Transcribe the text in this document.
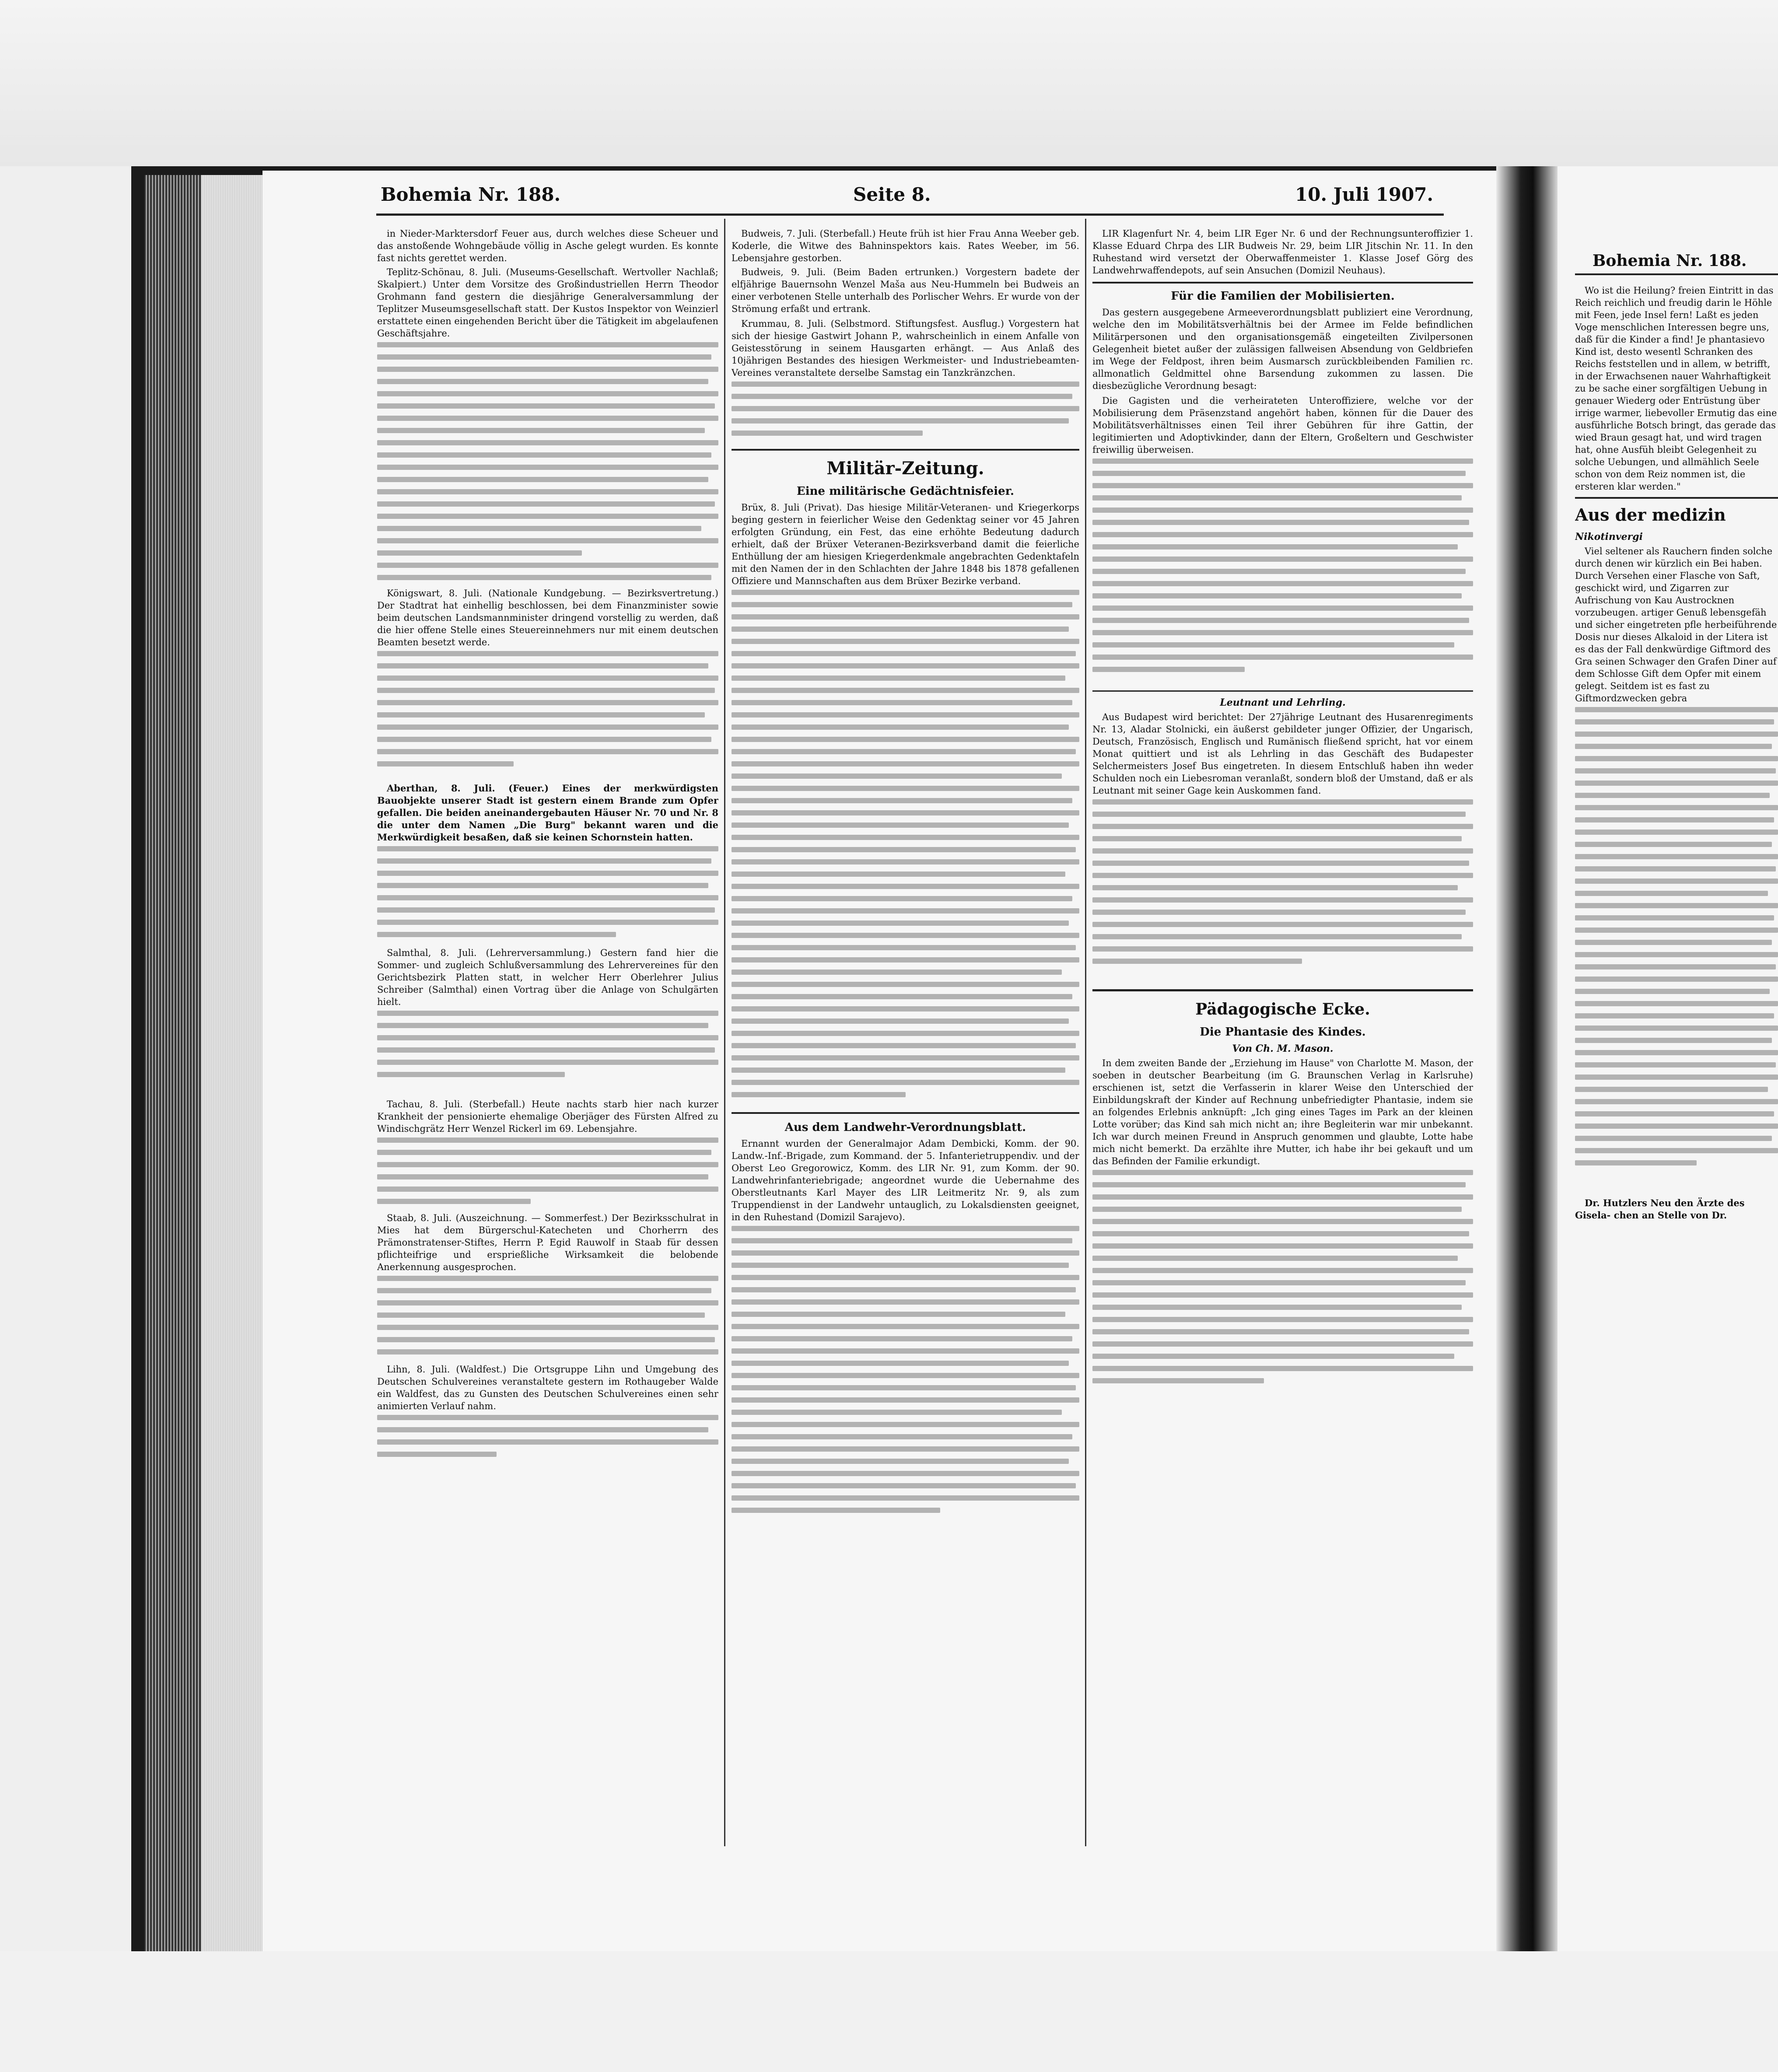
Bohemia Nr. 188.	Seite 8.	10. Juli 1907.

in Nieder-Marktersdorf Feuer aus, durch welches diese Scheuer und das anstoßende Wohngebäude völlig in Asche gelegt wurden. Es konnte fast nichts gerettet werden.

Teplitz-Schönau, 8. Juli. (Museums-Gesellschaft. Wertvoller Nachlaß; Skalpiert.) Unter dem Vorsitze des Großindustriellen Herrn Theodor Grohmann fand gestern die diesjährige Generalversammlung der Teplitzer Museumsgesellschaft statt. Der Kustos Inspektor von Weinzierl erstattete einen eingehenden Bericht über die Tätigkeit im abgelaufenen Geschäftsjahre.

Königswart, 8. Juli. (Nationale Kundgebung. — Bezirksvertretung.) Der Stadtrat hat einhellig beschlossen, bei dem Finanzminister sowie beim deutschen Landsmannminister dringend vorstellig zu werden, daß die hier offene Stelle eines Steuereinnehmers nur mit einem deutschen Beamten besetzt werde.

Aberthan, 8. Juli. (Feuer.) Eines der merkwürdigsten Bauobjekte unserer Stadt ist gestern einem Brande zum Opfer gefallen. Die beiden aneinandergebauten Häuser Nr. 70 und Nr. 8 die unter dem Namen „Die Burg" bekannt waren und die Merkwürdigkeit besaßen, daß sie keinen Schornstein hatten.

Salmthal, 8. Juli. (Lehrerversammlung.) Gestern fand hier die Sommer- und zugleich Schlußversammlung des Lehrervereines für den Gerichtsbezirk Platten statt, in welcher Herr Oberlehrer Julius Schreiber (Salmthal) einen Vortrag über die Anlage von Schulgärten hielt.

Tachau, 8. Juli. (Sterbefall.) Heute nachts starb hier nach kurzer Krankheit der pensionierte ehemalige Oberjäger des Fürsten Alfred zu Windischgrätz Herr Wenzel Rickerl im 69. Lebensjahre.

Staab, 8. Juli. (Auszeichnung. — Sommerfest.) Der Bezirksschulrat in Mies hat dem Bürgerschul-Katecheten und Chorherrn des Prämonstratenser-Stiftes, Herrn P. Egid Rauwolf in Staab für dessen pflichteifrige und ersprießliche Wirksamkeit die belobende Anerkennung ausgesprochen.

Lihn, 8. Juli. (Waldfest.) Die Ortsgruppe Lihn und Umgebung des Deutschen Schulvereines veranstaltete gestern im Rothaugeber Walde ein Waldfest, das zu Gunsten des Deutschen Schulvereines einen sehr animierten Verlauf nahm.

Budweis, 7. Juli. (Sterbefall.) Heute früh ist hier Frau Anna Weeber geb. Koderle, die Witwe des Bahninspektors kais. Rates Weeber, im 56. Lebensjahre gestorben.

Budweis, 9. Juli. (Beim Baden ertrunken.) Vorgestern badete der elfjährige Bauernsohn Wenzel Maša aus Neu-Hummeln bei Budweis an einer verbotenen Stelle unterhalb des Porlischer Wehrs. Er wurde von der Strömung erfaßt und ertrank.

Krummau, 8. Juli. (Selbstmord. Stiftungsfest. Ausflug.) Vorgestern hat sich der hiesige Gastwirt Johann P., wahrscheinlich in einem Anfalle von Geistesstörung in seinem Hausgarten erhängt. — Aus Anlaß des 10jährigen Bestandes des hiesigen Werkmeister- und Industriebeamten-Vereines veranstaltete derselbe Samstag ein Tanzkränzchen.

Militär-Zeitung.
Eine militärische Gedächtnisfeier.

Brüx, 8. Juli (Privat). Das hiesige Militär-Veteranen- und Kriegerkorps beging gestern in feierlicher Weise den Gedenktag seiner vor 45 Jahren erfolgten Gründung, ein Fest, das eine erhöhte Bedeutung dadurch erhielt, daß der Brüxer Veteranen-Bezirksverband damit die feierliche Enthüllung der am hiesigen Kriegerdenkmale angebrachten Gedenktafeln mit den Namen der in den Schlachten der Jahre 1848 bis 1878 gefallenen Offiziere und Mannschaften aus dem Brüxer Bezirke verband.

Aus dem Landwehr-Verordnungsblatt.

Ernannt wurden der Generalmajor Adam Dembicki, Komm. der 90. Landw.-Inf.-Brigade, zum Kommand. der 5. Infanterietruppendiv. und der Oberst Leo Gregorowicz, Komm. des LIR Nr. 91, zum Komm. der 90. Landwehrinfanteriebrigade; angeordnet wurde die Uebernahme des Oberstleutnants Karl Mayer des LIR Leitmeritz Nr. 9, als zum Truppendienst in der Landwehr untauglich, zu Lokalsdiensten geeignet, in den Ruhestand (Domizil Sarajevo).

LIR Klagenfurt Nr. 4, beim LIR Eger Nr. 6 und der Rechnungsunteroffizier 1. Klasse Eduard Chrpa des LIR Budweis Nr. 29, beim LIR Jitschin Nr. 11. In den Ruhestand wird versetzt der Oberwaffenmeister 1. Klasse Josef Görg des Landwehrwaffendepots, auf sein Ansuchen (Domizil Neuhaus).

Für die Familien der Mobilisierten.

Das gestern ausgegebene Armeeverordnungsblatt publiziert eine Verordnung, welche den im Mobilitätsverhältnis bei der Armee im Felde befindlichen Militärpersonen und den organisationsgemäß eingeteilten Zivilpersonen Gelegenheit bietet außer der zulässigen fallweisen Absendung von Geldbriefen im Wege der Feldpost, ihren beim Ausmarsch zurückbleibenden Familien rc. allmonatlich Geldmittel ohne Barsendung zukommen zu lassen. Die diesbezügliche Verordnung besagt:

Die Gagisten und die verheirateten Unteroffiziere, welche vor der Mobilisierung dem Präsenzstand angehört haben, können für die Dauer des Mobilitätsverhältnisses einen Teil ihrer Gebühren für ihre Gattin, der legitimierten und Adoptivkinder, dann der Eltern, Großeltern und Geschwister freiwillig überweisen.

Leutnant und Lehrling.

Aus Budapest wird berichtet: Der 27jährige Leutnant des Husarenregiments Nr. 13, Aladar Stolnicki, ein äußerst gebildeter junger Offizier, der Ungarisch, Deutsch, Französisch, Englisch und Rumänisch fließend spricht, hat vor einem Monat quittiert und ist als Lehrling in das Geschäft des Budapester Selchermeisters Josef Bus eingetreten. In diesem Entschluß haben ihn weder Schulden noch ein Liebesroman veranlaßt, sondern bloß der Umstand, daß er als Leutnant mit seiner Gage kein Auskommen fand.

Pädagogische Ecke.
Die Phantasie des Kindes.
Von Ch. M. Mason.

In dem zweiten Bande der „Erziehung im Hause" von Charlotte M. Mason, der soeben in deutscher Bearbeitung (im G. Braunschen Verlag in Karlsruhe) erschienen ist, setzt die Verfasserin in klarer Weise den Unterschied der Einbildungskraft der Kinder auf Rechnung unbefriedigter Phantasie, indem sie an folgendes Erlebnis anknüpft: „Ich ging eines Tages im Park an der kleinen Lotte vorüber; das Kind sah mich nicht an; ihre Begleiterin war mir unbekannt. Ich war durch meinen Freund in Anspruch genommen und glaubte, Lotte habe mich nicht bemerkt. Da erzählte ihre Mutter, ich habe ihr bei gekauft und um das Befinden der Familie erkundigt.

Bohemia Nr. 188.

Wo ist die Heilung? freien Eintritt in das Reich reichlich und freudig darin le Höhle mit Feen, jede Insel fern! Laßt es jeden Voge menschlichen Interessen begre uns, daß für die Kinder a find! Je phantasievo Kind ist, desto wesentl Schranken des Reichs feststellen und in allem, w betrifft, in der Erwachsenen nauer Wahrhaftigkeit zu be sache einer sorgfältigen Uebung in genauer Wiederg oder Entrüstung über irrige warmer, liebevoller Ermutig das eine ausführliche Botsch bringt, das gerade das wied Braun gesagt hat, und wird tragen hat, ohne Ausfüh bleibt Gelegenheit zu solche Uebungen, und allmählich Seele schon von dem Reiz nommen ist, die ersteren klar werden."

Aus der medizin
Nikotinvergi

Viel seltener als Rauchern finden solche durch denen wir kürzlich ein Bei haben. Durch Versehen einer Flasche von Saft, geschickt wird, und Zigarren zur Aufrischung von Kau Austrocknen vorzubeugen. artiger Genuß lebensgefäh und sicher eingetreten pfle herbeiführende Dosis nur dieses Alkaloid in der Litera ist es das der Fall denkwürdige Giftmord des Gra seinen Schwager den Grafen Diner auf dem Schlosse Gift dem Opfer mit einem gelegt. Seitdem ist es fast zu Giftmordzwecken gebra

Dr. Hutzlers Neu den Ärzte des Gisela- chen an Stelle von Dr.
